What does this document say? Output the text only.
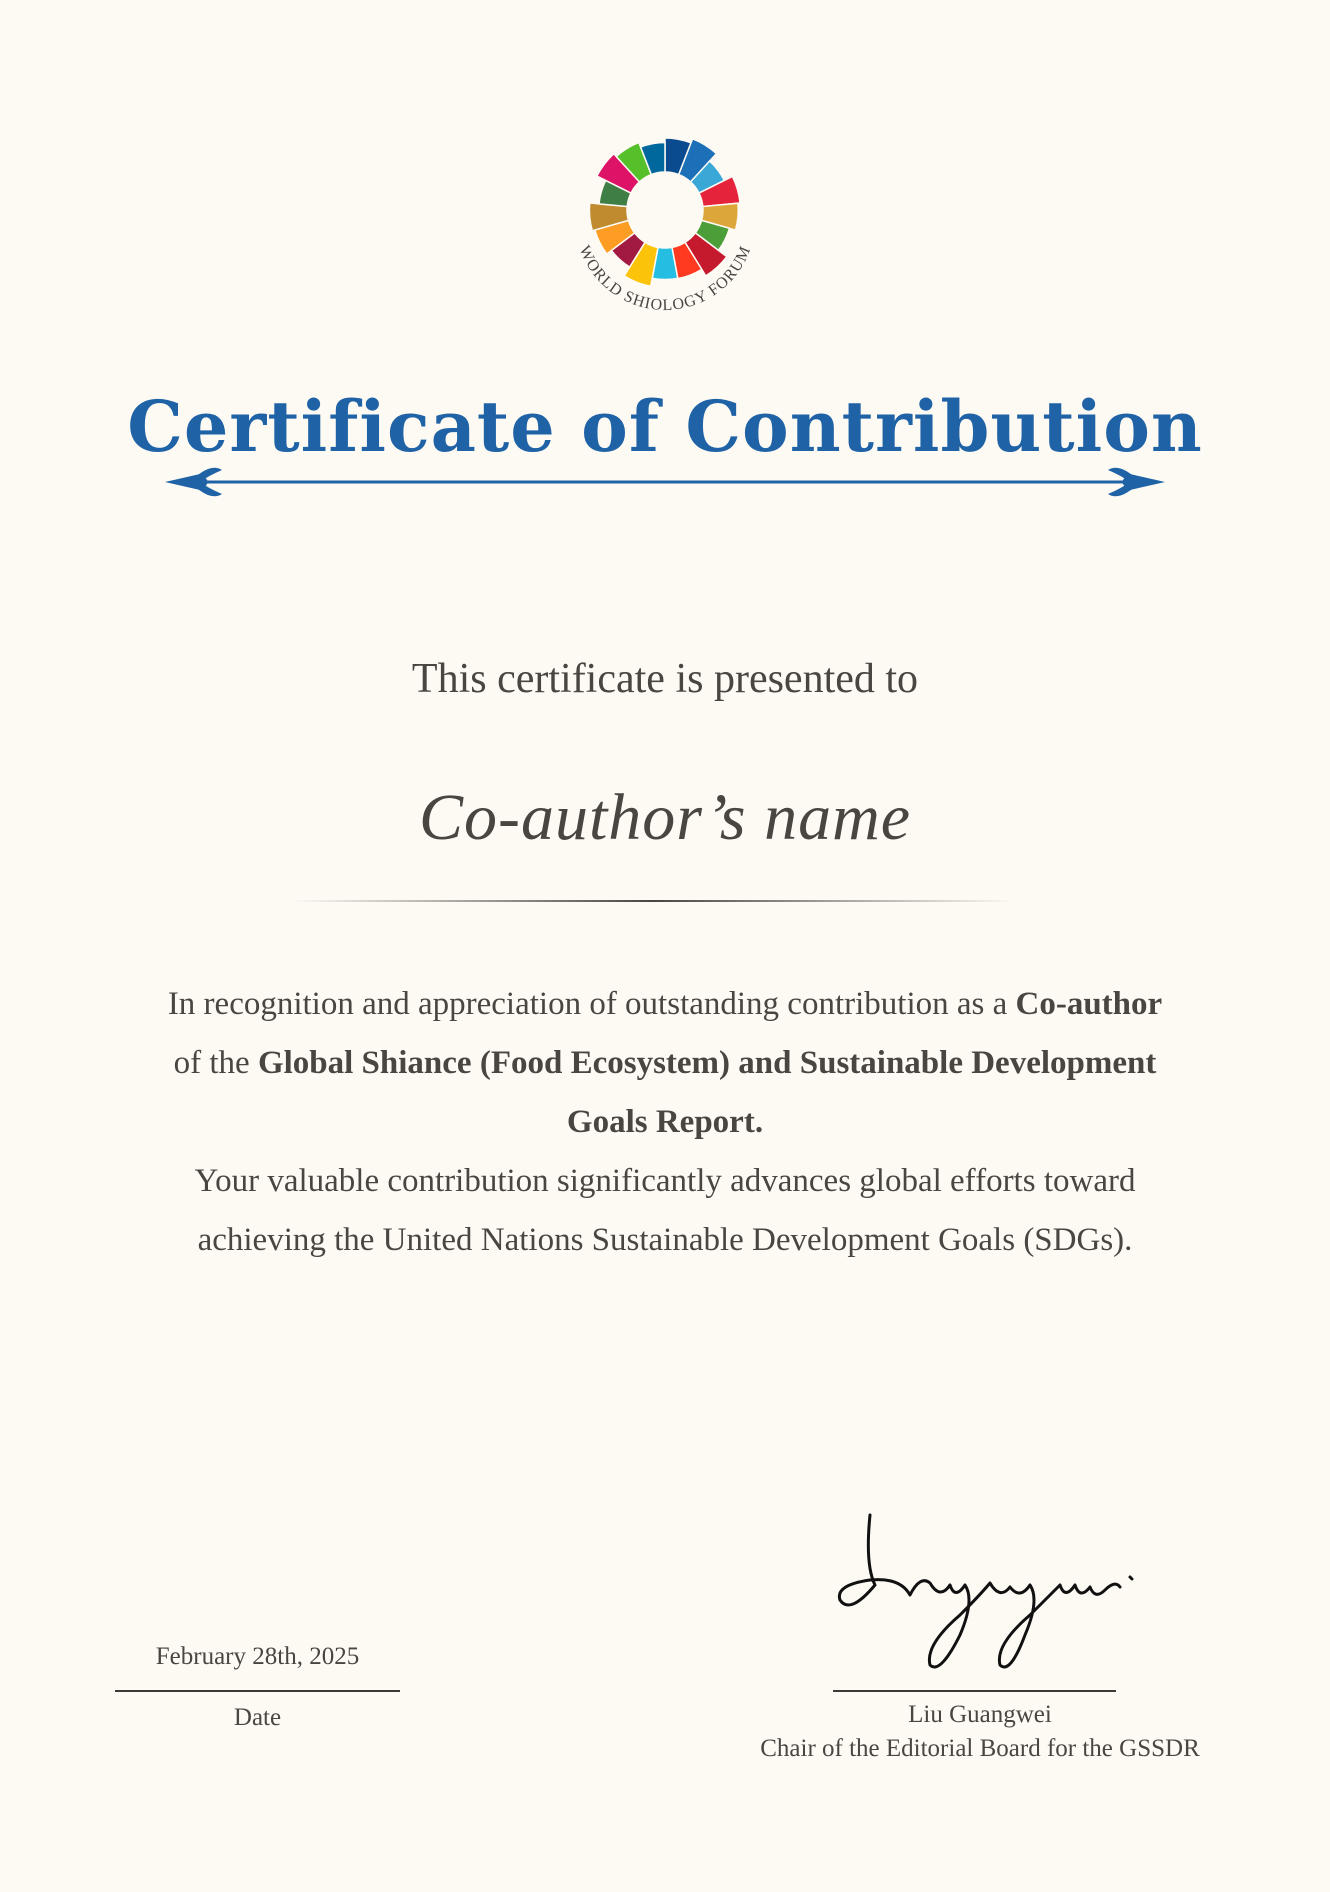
WORLD SHIOLOGY FORUM
Certificate of Contribution
This certificate is presented to
Co-author’s name
In recognition and appreciation of outstanding contribution as a Co-author of the Global Shiance (Food Ecosystem) and Sustainable Development Goals Report.
Your valuable contribution significantly advances global efforts toward achieving the United Nations Sustainable Development Goals (SDGs).
February 28th, 2025
Date	Liu Guangwei
Chair of the Editorial Board for the GSSDR
